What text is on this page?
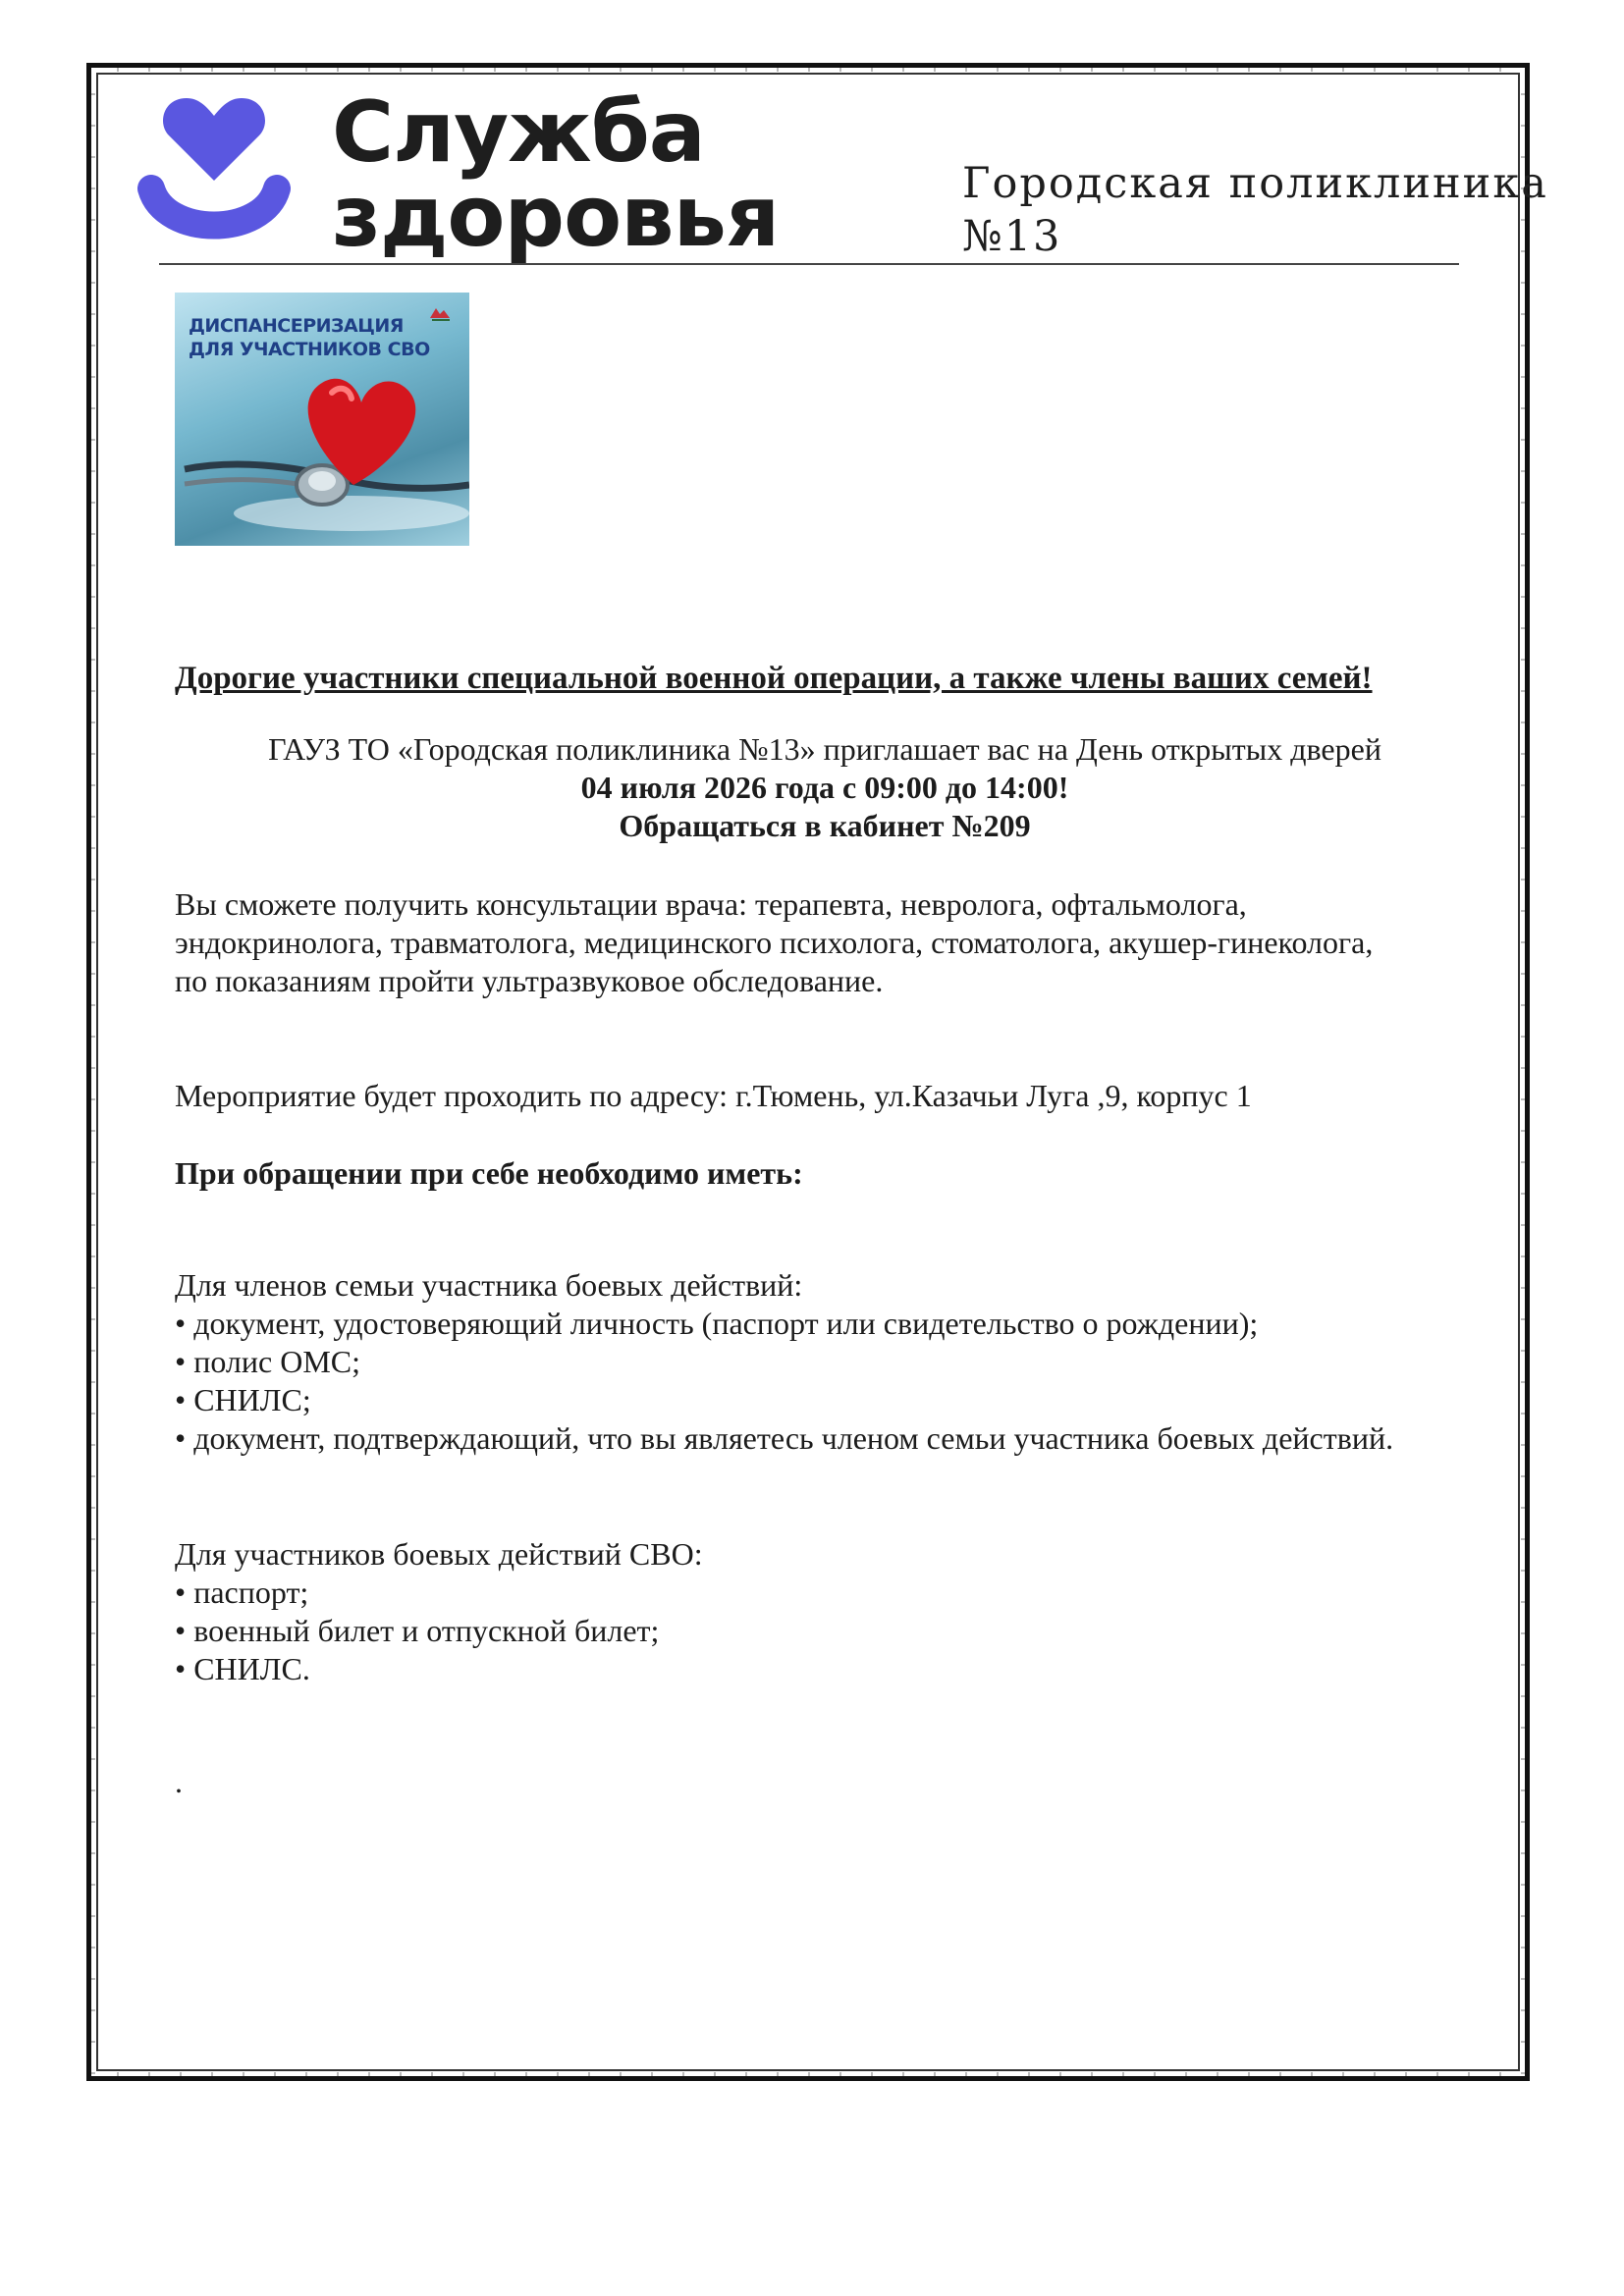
Служба
здоровья	Городская поликлиника
№13
ДИСПАНСЕРИЗАЦИЯ
ДЛЯ УЧАСТНИКОВ СВО
Дорогие участники специальной военной операции, а также члены ваших семей!
ГАУЗ ТО «Городская поликлиника №13» приглашает вас на День открытых дверей
04 июля 2026 года с 09:00 до 14:00!
Обращаться в кабинет №209
Вы сможете получить консультации врача: терапевта, невролога, офтальмолога,
эндокринолога, травматолога, медицинского психолога, стоматолога, акушер-гинеколога,
по показаниям пройти ультразвуковое обследование.
Мероприятие будет проходить по адресу: г.Тюмень, ул.Казачьи Луга ,9, корпус 1
При обращении при себе необходимо иметь:
Для членов семьи участника боевых действий:
• документ, удостоверяющий личность (паспорт или свидетельство о рождении);
• полис ОМС;
• СНИЛС;
• документ, подтверждающий, что вы являетесь членом семьи участника боевых действий.
Для участников боевых действий СВО:
• паспорт;
• военный билет и отпускной билет;
• СНИЛС.
.
